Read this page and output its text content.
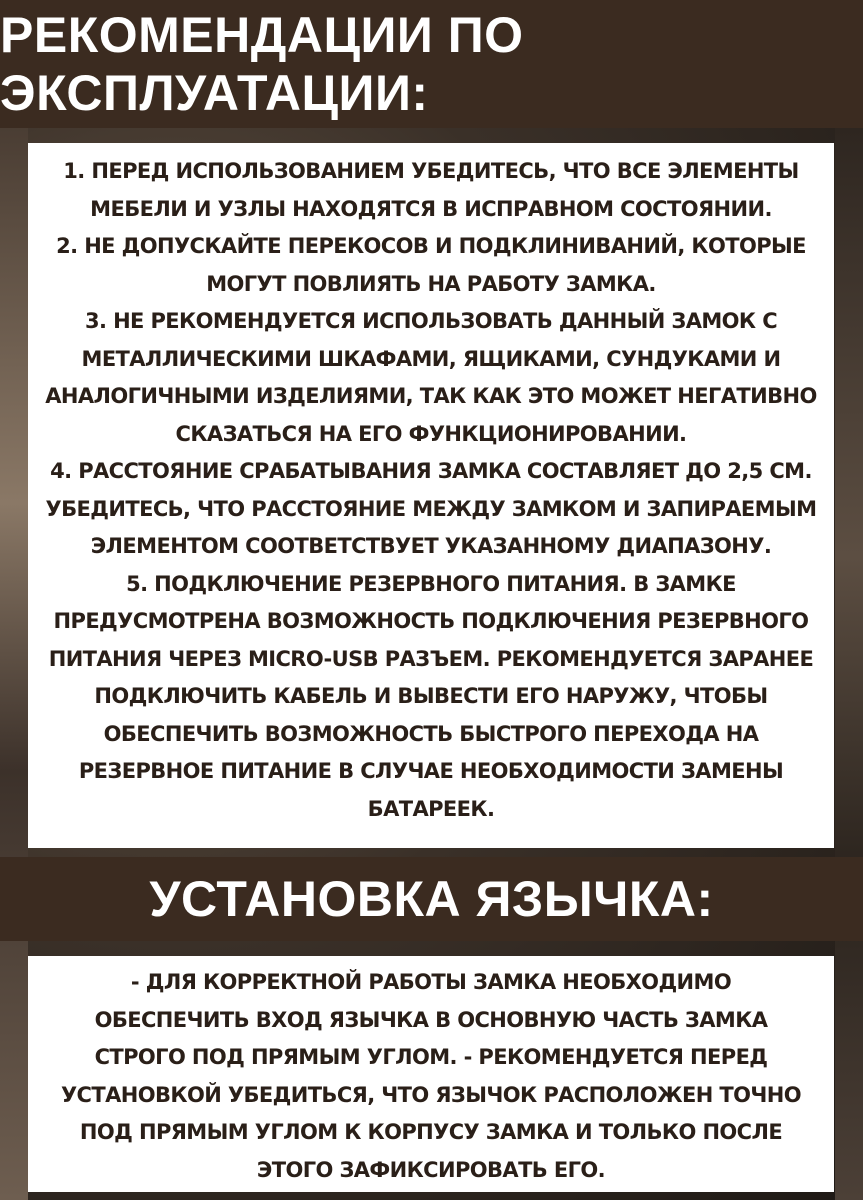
РЕКОМЕНДАЦИИ ПО ЭКСПЛУАТАЦИИ:

1. ПЕРЕД ИСПОЛЬЗОВАНИЕМ УБЕДИТЕСЬ, ЧТО ВСЕ ЭЛЕМЕНТЫ МЕБЕЛИ И УЗЛЫ НАХОДЯТСЯ В ИСПРАВНОМ СОСТОЯНИИ.

2. НЕ ДОПУСКАЙТЕ ПЕРЕКОСОВ И ПОДКЛИНИВАНИЙ, КОТОРЫЕ МОГУТ ПОВЛИЯТЬ НА РАБОТУ ЗАМКА.

3. НЕ РЕКОМЕНДУЕТСЯ ИСПОЛЬЗОВАТЬ ДАННЫЙ ЗАМОК С МЕТАЛЛИЧЕСКИМИ ШКАФАМИ, ЯЩИКАМИ, СУНДУКАМИ И АНАЛОГИЧНЫМИ ИЗДЕЛИЯМИ, ТАК КАК ЭТО МОЖЕТ НЕГАТИВНО СКАЗАТЬСЯ НА ЕГО ФУНКЦИОНИРОВАНИИ.

4. РАССТОЯНИЕ СРАБАТЫВАНИЯ ЗАМКА СОСТАВЛЯЕТ ДО 2,5 СМ. УБЕДИТЕСЬ, ЧТО РАССТОЯНИЕ МЕЖДУ ЗАМКОМ И ЗАПИРАЕМЫМ ЭЛЕМЕНТОМ СООТВЕТСТВУЕТ УКАЗАННОМУ ДИАПАЗОНУ.

5. ПОДКЛЮЧЕНИЕ РЕЗЕРВНОГО ПИТАНИЯ. В ЗАМКЕ ПРЕДУСМОТРЕНА ВОЗМОЖНОСТЬ ПОДКЛЮЧЕНИЯ РЕЗЕРВНОГО ПИТАНИЯ ЧЕРЕЗ MICRO-USB РАЗЪЕМ. РЕКОМЕНДУЕТСЯ ЗАРАНЕЕ ПОДКЛЮЧИТЬ КАБЕЛЬ И ВЫВЕСТИ ЕГО НАРУЖУ, ЧТОБЫ ОБЕСПЕЧИТЬ ВОЗМОЖНОСТЬ БЫСТРОГО ПЕРЕХОДА НА РЕЗЕРВНОЕ ПИТАНИЕ В СЛУЧАЕ НЕОБХОДИМОСТИ ЗАМЕНЫ БАТАРЕЕК.

УСТАНОВКА ЯЗЫЧКА:

- ДЛЯ КОРРЕКТНОЙ РАБОТЫ ЗАМКА НЕОБХОДИМО ОБЕСПЕЧИТЬ ВХОД ЯЗЫЧКА В ОСНОВНУЮ ЧАСТЬ ЗАМКА СТРОГО ПОД ПРЯМЫМ УГЛОМ. - РЕКОМЕНДУЕТСЯ ПЕРЕД УСТАНОВКОЙ УБЕДИТЬСЯ, ЧТО ЯЗЫЧОК РАСПОЛОЖЕН ТОЧНО ПОД ПРЯМЫМ УГЛОМ К КОРПУСУ ЗАМКА И ТОЛЬКО ПОСЛЕ ЭТОГО ЗАФИКСИРОВАТЬ ЕГО.
